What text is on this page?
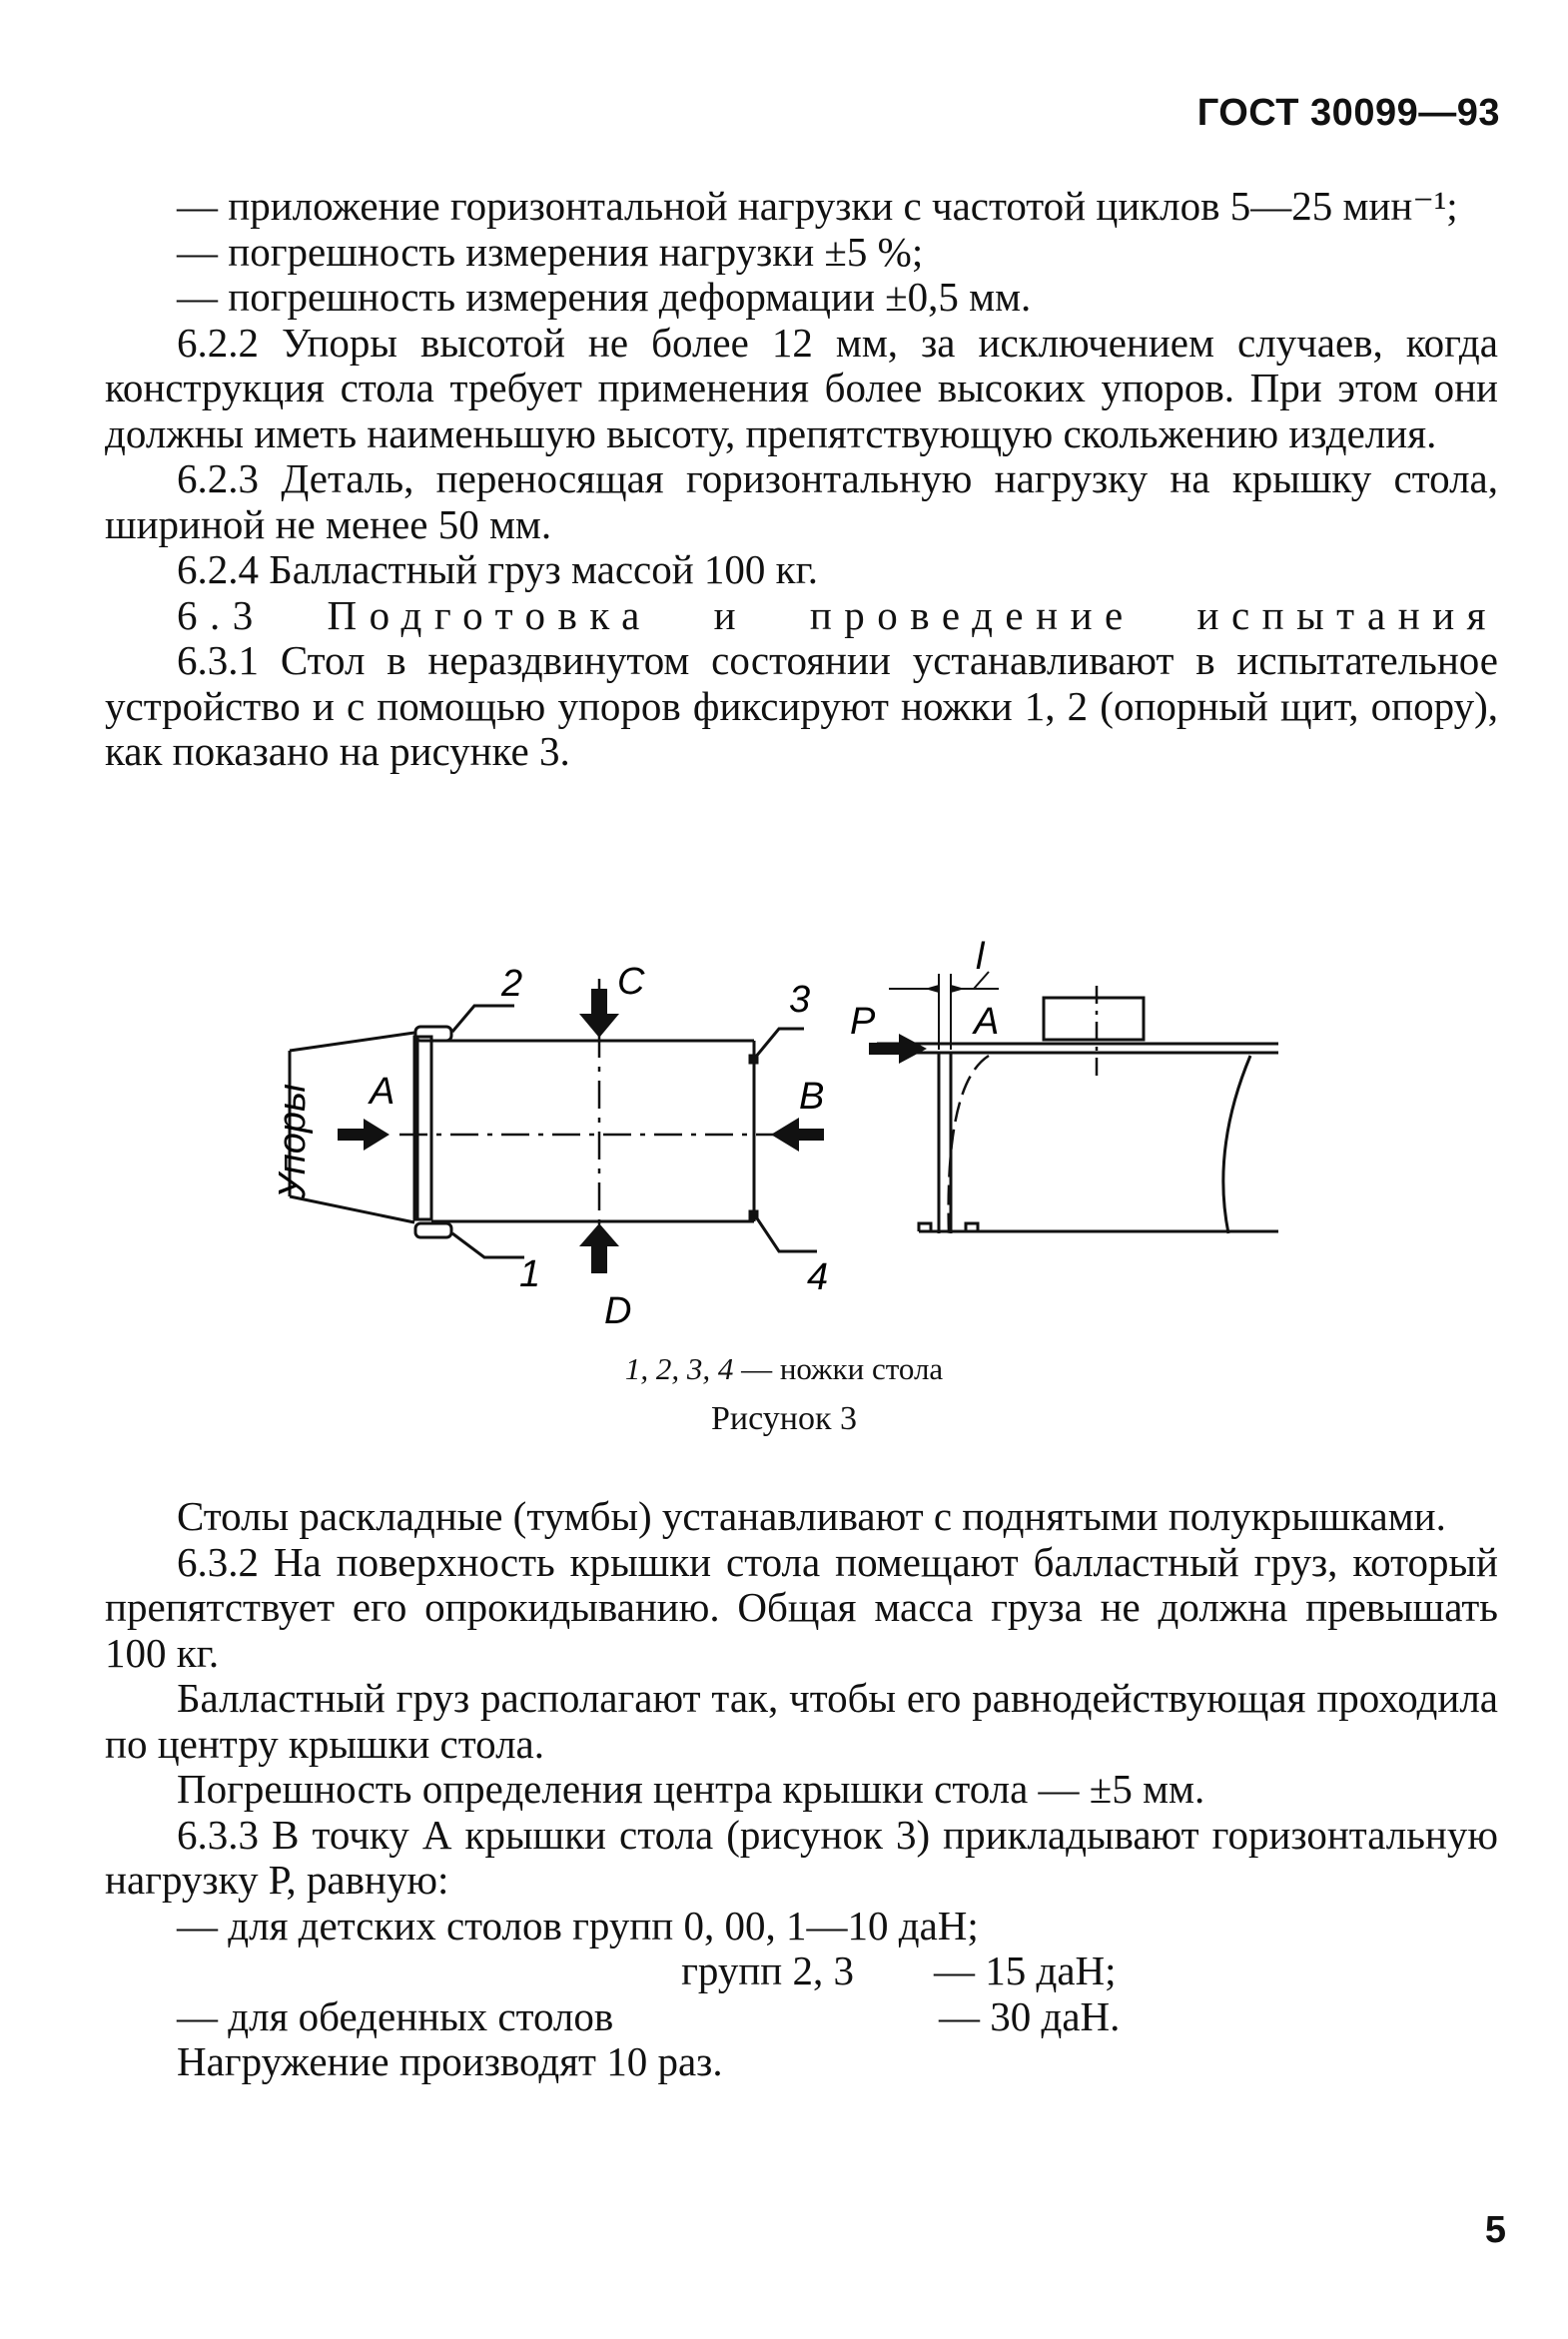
ГОСТ 30099—93

— приложение горизонтальной нагрузки с частотой циклов 5—25 мин⁻¹;

— погрешность измерения нагрузки ±5 %;

— погрешность измерения деформации ±0,5 мм.

6.2.2 Упоры высотой не более 12 мм, за исключением случаев, когда конструкция стола требует применения более высоких упоров. При этом они должны иметь наименьшую высоту, препятствующую скольжению изделия.

6.2.3 Деталь, переносящая горизонтальную нагрузку на крышку стола, шириной не менее 50 мм.

6.2.4 Балластный груз массой 100 кг.

6.3 Подготовка и проведение испытания

6.3.1 Стол в нераздвинутом состоянии устанавливают в испытательное устройство и с помощью упоров фиксируют ножки 1, 2 (опорный щит, опору), как показано на рисунке 3.

2 C	3
A	B
1	4
D
l
P	A
Упоры
1, 2, 3, 4 — ножки стола
Рисунок 3

Столы раскладные (тумбы) устанавливают с поднятыми полукрышками.

6.3.2 На поверхность крышки стола помещают балластный груз, который препятствует его опрокидыванию. Общая масса груза не должна превышать 100 кг.

Балластный груз располагают так, чтобы его равнодействующая проходила по центру крышки стола.

Погрешность определения центра крышки стола — ±5 мм.

6.3.3 В точку А крышки стола (рисунок 3) прикладывают горизонтальную нагрузку Р, равную:

— для детских столов групп 0, 00, 1—10 даН;

групп 2, 3 — 15 даН;
— для обеденных столов	— 30 даН.

Нагружение производят 10 раз.

5
